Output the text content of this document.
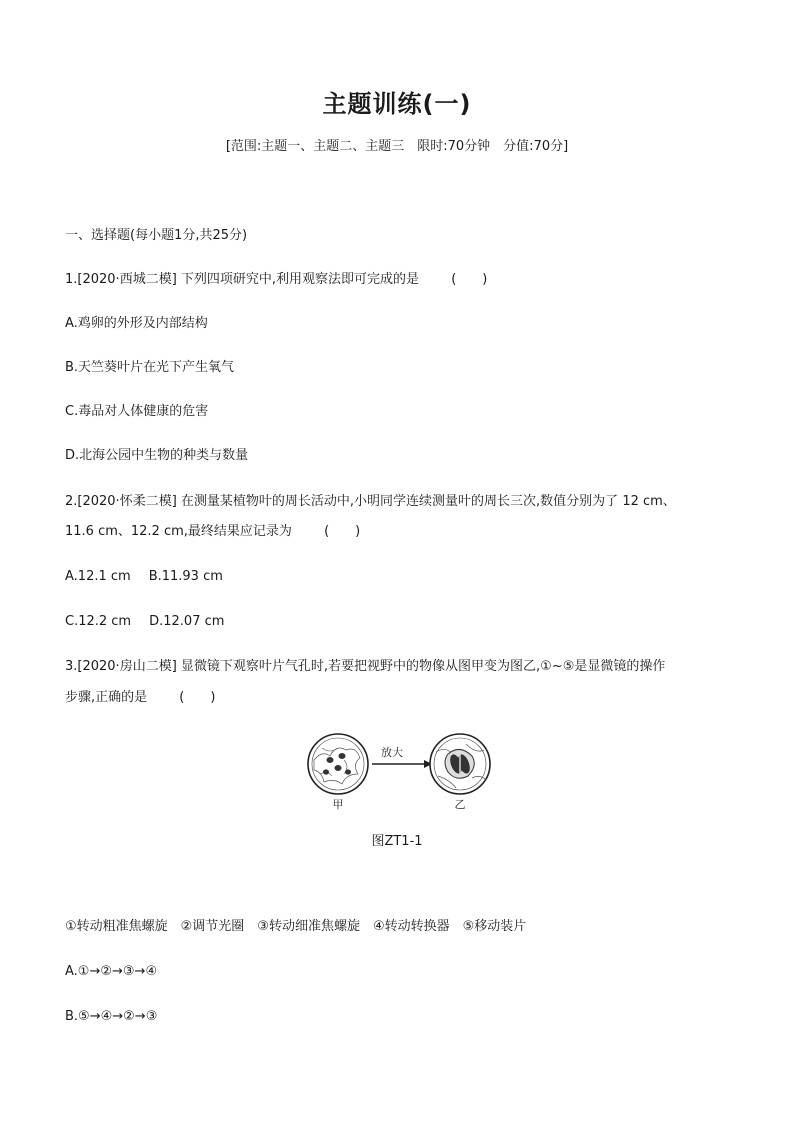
主题训练(一)
[范围:主题一、主题二、主题三　限时:70分钟　分值:70分]
一、选择题(每小题1分,共25分)
1.[2020·西城二模] 下列四项研究中,利用观察法即可完成的是 (　　)
A.鸡卵的外形及内部结构
B.天竺葵叶片在光下产生氧气
C.毒品对人体健康的危害
D.北海公园中生物的种类与数量
2.[2020·怀柔二模] 在测量某植物叶的周长活动中,小明同学连续测量叶的周长三次,数值分别为了 12 cm、
11.6 cm、12.2 cm,最终结果应记录为 (　　)
A.12.1 cm B.11.93 cm
C.12.2 cm D.12.07 cm
3.[2020·房山二模] 显微镜下观察叶片气孔时,若要把视野中的物像从图甲变为图乙,①~⑤是显微镜的操作
步骤,正确的是 (　　)
放大
甲	乙
图ZT1-1
①转动粗准焦螺旋　②调节光圈　③转动细准焦螺旋　④转动转换器　⑤移动装片
A.①→②→③→④
B.⑤→④→②→③
